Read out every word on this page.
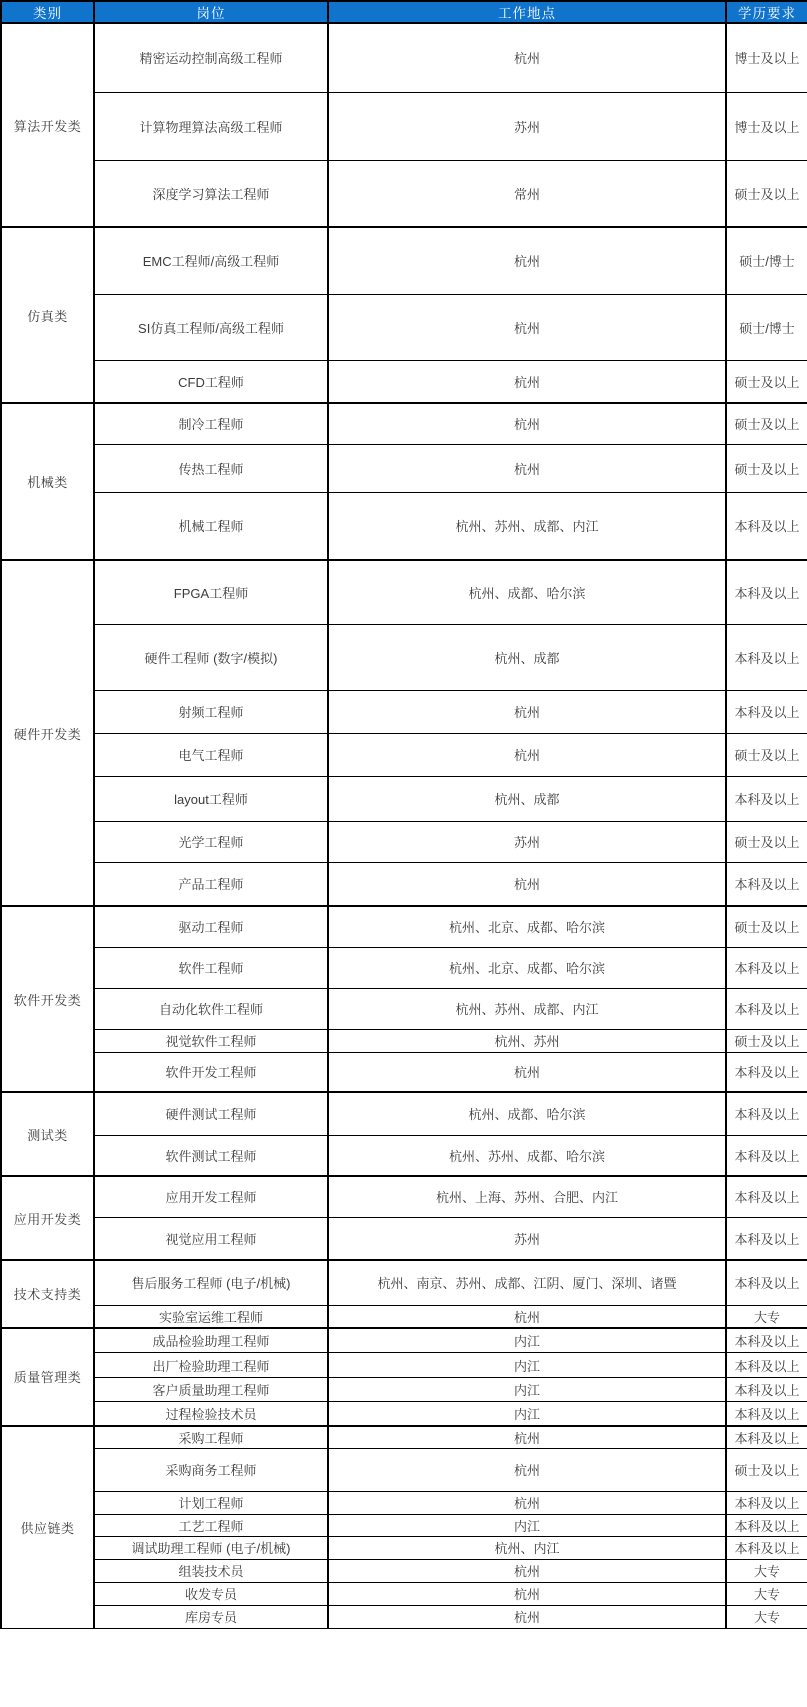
类别	岗位	工作地点	学历要求
算法开发类	精密运动控制高级工程师	杭州	博士及以上
	计算物理算法高级工程师	苏州	博士及以上
	深度学习算法工程师	常州	硕士及以上
仿真类	EMC工程师/高级工程师	杭州	硕士/博士
	SI仿真工程师/高级工程师	杭州	硕士/博士
	CFD工程师	杭州	硕士及以上
机械类	制冷工程师	杭州	硕士及以上
	传热工程师	杭州	硕士及以上
	机械工程师	杭州、苏州、成都、内江	本科及以上
硬件开发类	FPGA工程师	杭州、成都、哈尔滨	本科及以上
	硬件工程师 (数字/模拟)	杭州、成都	本科及以上
	射频工程师	杭州	本科及以上
	电气工程师	杭州	硕士及以上
	layout工程师	杭州、成都	本科及以上
	光学工程师	苏州	硕士及以上
	产品工程师	杭州	本科及以上
软件开发类	驱动工程师	杭州、北京、成都、哈尔滨	硕士及以上
	软件工程师	杭州、北京、成都、哈尔滨	本科及以上
	自动化软件工程师	杭州、苏州、成都、内江	本科及以上
	视觉软件工程师	杭州、苏州	硕士及以上
	软件开发工程师	杭州	本科及以上
测试类	硬件测试工程师	杭州、成都、哈尔滨	本科及以上
	软件测试工程师	杭州、苏州、成都、哈尔滨	本科及以上
应用开发类	应用开发工程师	杭州、上海、苏州、合肥、内江	本科及以上
	视觉应用工程师	苏州	本科及以上
技术支持类	售后服务工程师 (电子/机械)	杭州、南京、苏州、成都、江阴、厦门、深圳、诸暨	本科及以上
	实验室运维工程师	杭州	大专
质量管理类	成品检验助理工程师	内江	本科及以上
	出厂检验助理工程师	内江	本科及以上
	客户质量助理工程师	内江	本科及以上
	过程检验技术员	内江	本科及以上
供应链类	采购工程师	杭州	本科及以上
	采购商务工程师	杭州	硕士及以上
	计划工程师	杭州	本科及以上
	工艺工程师	内江	本科及以上
	调试助理工程师 (电子/机械)	杭州、内江	本科及以上
	组装技术员	杭州	大专
	收发专员	杭州	大专
	库房专员	杭州	大专
